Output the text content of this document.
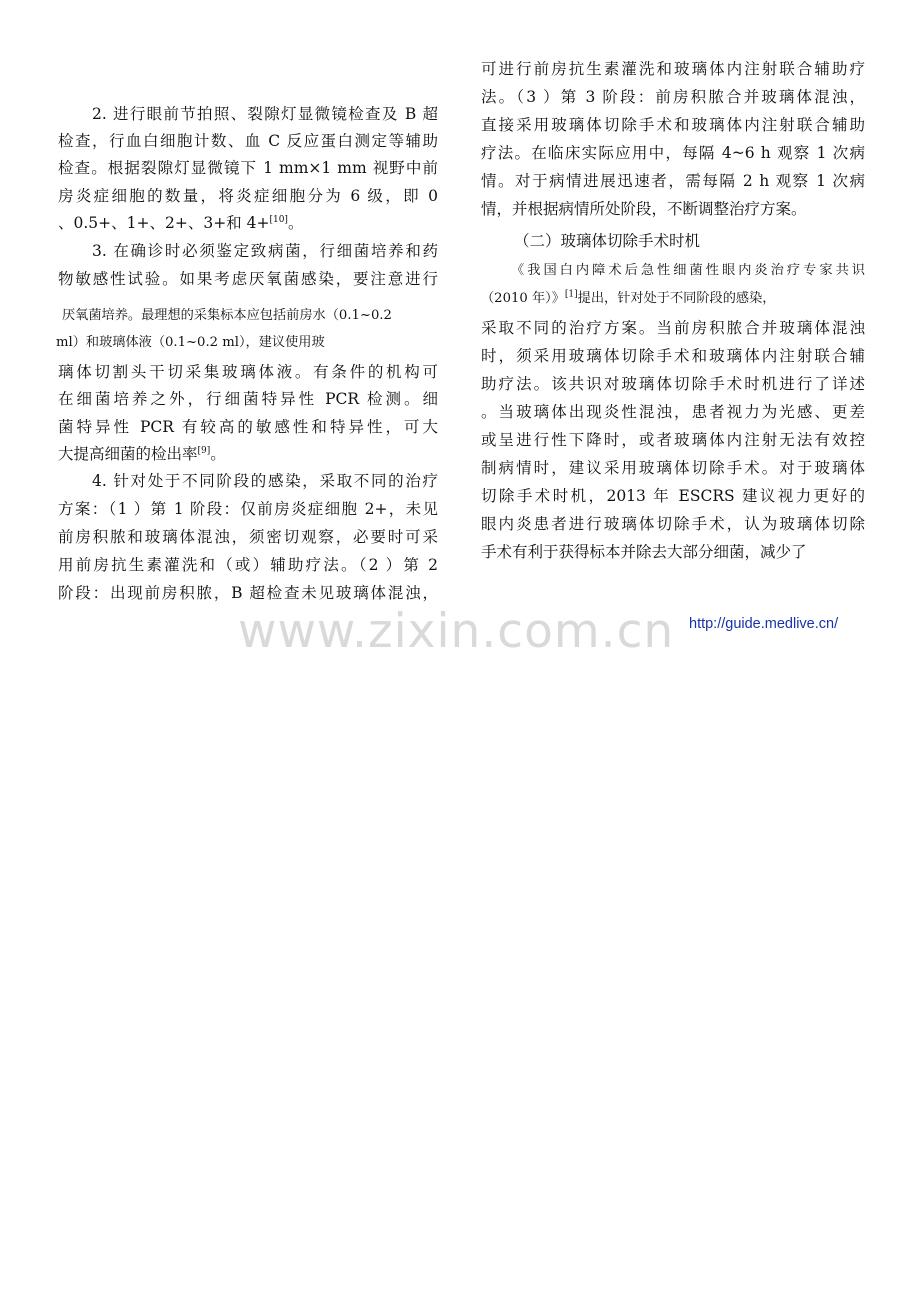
2. 进行眼前节拍照、裂隙灯显微镜检查及 B 超
检查，行血白细胞计数、血 C 反应蛋白测定等辅助
检查。根据裂隙灯显微镜下 1 mm×1 mm 视野中前
房炎症细胞的数量，将炎症细胞分为 6 级，即 0
、0.5+、1+、2+、3+和 4+[10]。
3. 在确诊时必须鉴定致病菌，行细菌培养和药
物敏感性试验。如果考虑厌氧菌感染，要注意进行
厌氧菌培养。最理想的采集标本应包括前房水（0.1~0.2
ml）和玻璃体液（0.1~0.2 ml），建议使用玻
璃体切割头干切采集玻璃体液。有条件的机构可
在细菌培养之外，行细菌特异性 PCR 检测。细
菌特异性 PCR 有较高的敏感性和特异性，可大
大提高细菌的检出率[9]。
4. 针对处于不同阶段的感染，采取不同的治疗
方案：（1 ）第 1 阶段：仅前房炎症细胞 2+，未见
前房积脓和玻璃体混浊，须密切观察，必要时可采
用前房抗生素灌洗和（或）辅助疗法。（2 ）第 2
阶段：出现前房积脓，B 超检查未见玻璃体混浊，
可进行前房抗生素灌洗和玻璃体内注射联合辅助疗
法。（3 ）第 3 阶段：前房积脓合并玻璃体混浊，
直接采用玻璃体切除手术和玻璃体内注射联合辅助
疗法。在临床实际应用中，每隔 4~6 h 观察 1 次病
情。对于病情进展迅速者，需每隔 2 h 观察 1 次病
情，并根据病情所处阶段，不断调整治疗方案。
（二）玻璃体切除手术时机
《我国白内障术后急性细菌性眼内炎治疗专家共识
（2010 年）》[1]提出，针对处于不同阶段的感染，
采取不同的治疗方案。当前房积脓合并玻璃体混浊
时，须采用玻璃体切除手术和玻璃体内注射联合辅
助疗法。该共识对玻璃体切除手术时机进行了详述
。当玻璃体出现炎性混浊，患者视力为光感、更差
或呈进行性下降时，或者玻璃体内注射无法有效控
制病情时，建议采用玻璃体切除手术。对于玻璃体
切除手术时机，2013 年 ESCRS 建议视力更好的
眼内炎患者进行玻璃体切除手术，认为玻璃体切除
手术有利于获得标本并除去大部分细菌，减少了
www.zixin.com.cn http://guide.medlive.cn/
